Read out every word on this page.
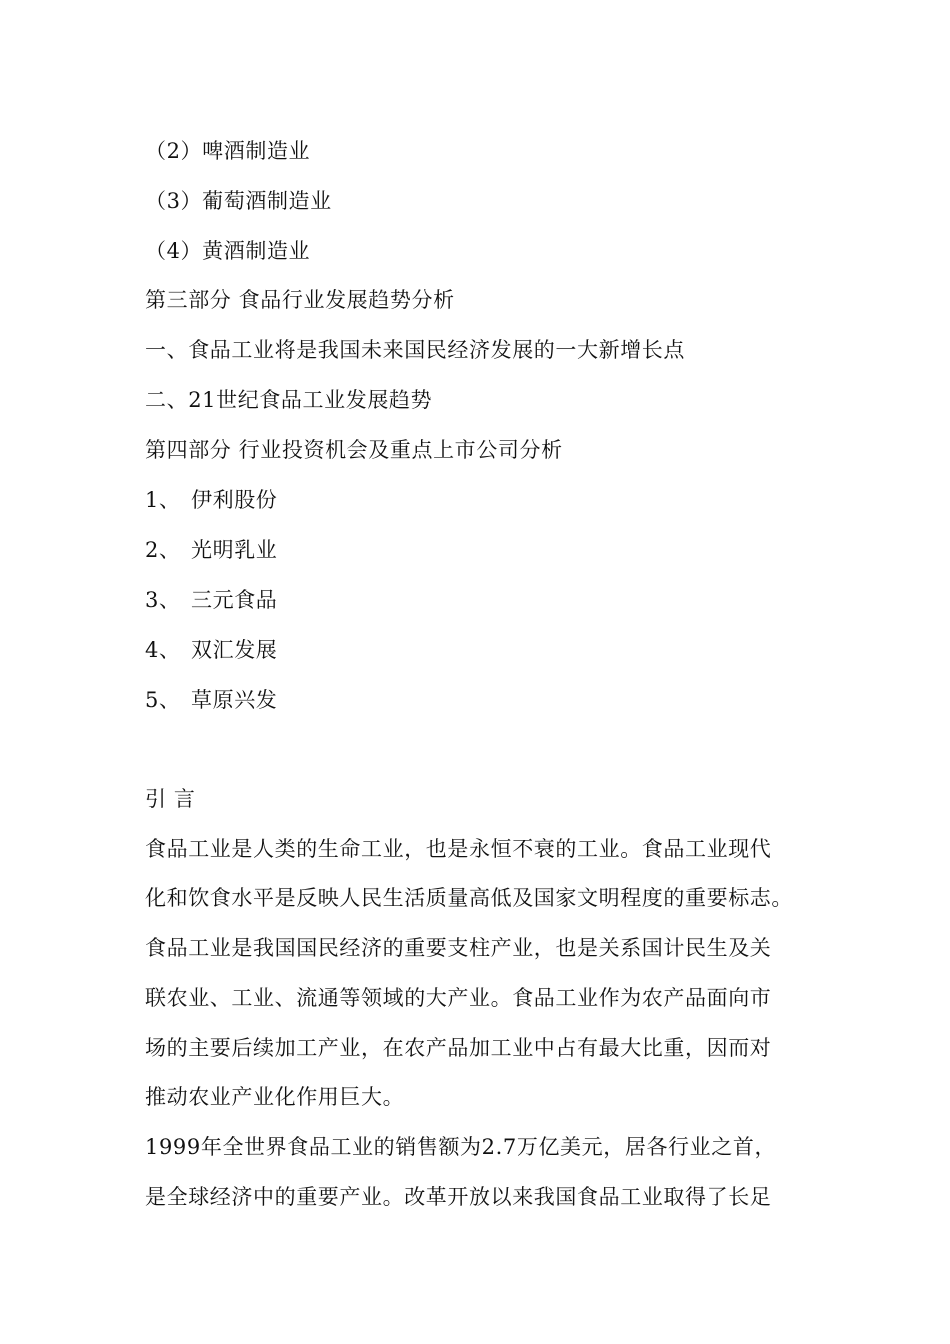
（2）啤酒制造业
（3）葡萄酒制造业
（4）黄酒制造业
第三部分 食品行业发展趋势分析
一、食品工业将是我国未来国民经济发展的一大新增长点
二、21世纪食品工业发展趋势
第四部分 行业投资机会及重点上市公司分析
1、 伊利股份
2、 光明乳业
3、 三元食品
4、 双汇发展
5、 草原兴发
引 言
食品工业是人类的生命工业，也是永恒不衰的工业。食品工业现代
化和饮食水平是反映人民生活质量高低及国家文明程度的重要标志。
食品工业是我国国民经济的重要支柱产业，也是关系国计民生及关
联农业、工业、流通等领域的大产业。食品工业作为农产品面向市
场的主要后续加工产业，在农产品加工业中占有最大比重，因而对
推动农业产业化作用巨大。
1999年全世界食品工业的销售额为2.7万亿美元，居各行业之首，
是全球经济中的重要产业。改革开放以来我国食品工业取得了长足
